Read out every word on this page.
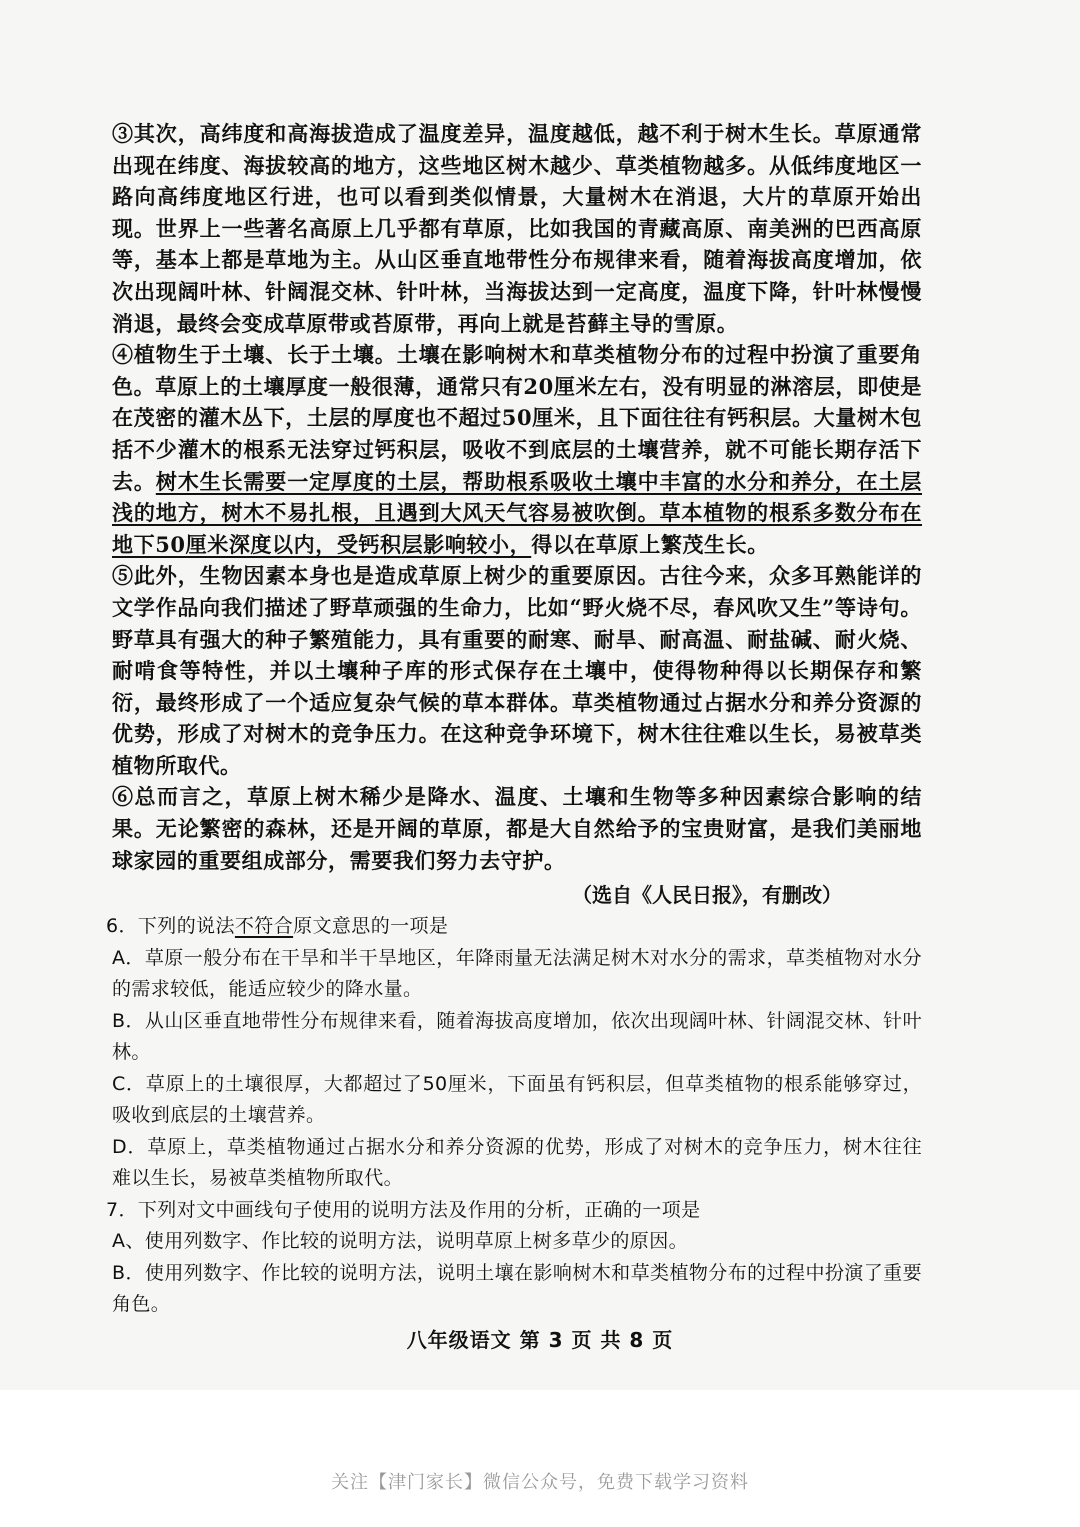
③其次，高纬度和高海拔造成了温度差异，温度越低，越不利于树木生长。草原通常出现在纬度、海拔较高的地方，这些地区树木越少、草类植物越多。从低纬度地区一路向高纬度地区行进，也可以看到类似情景，大量树木在消退，大片的草原开始出现。世界上一些著名高原上几乎都有草原，比如我国的青藏高原、南美洲的巴西高原等，基本上都是草地为主。从山区垂直地带性分布规律来看，随着海拔高度增加，依次出现阔叶林、针阔混交林、针叶林，当海拔达到一定高度，温度下降，针叶林慢慢消退，最终会变成草原带或苔原带，再向上就是苔藓主导的雪原。

④植物生于土壤、长于土壤。土壤在影响树木和草类植物分布的过程中扮演了重要角色。草原上的土壤厚度一般很薄，通常只有20厘米左右，没有明显的淋溶层，即使是在茂密的灌木丛下，土层的厚度也不超过50厘米，且下面往往有钙积层。大量树木包括不少灌木的根系无法穿过钙积层，吸收不到底层的土壤营养，就不可能长期存活下去。树木生长需要一定厚度的土层，帮助根系吸收土壤中丰富的水分和养分，在土层浅的地方，树木不易扎根，且遇到大风天气容易被吹倒。草本植物的根系多数分布在地下50厘米深度以内，受钙积层影响较小，得以在草原上繁茂生长。

⑤此外，生物因素本身也是造成草原上树少的重要原因。古往今来，众多耳熟能详的文学作品向我们描述了野草顽强的生命力，比如“野火烧不尽，春风吹又生”等诗句。野草具有强大的种子繁殖能力，具有重要的耐寒、耐旱、耐高温、耐盐碱、耐火烧、耐啃食等特性，并以土壤种子库的形式保存在土壤中，使得物种得以长期保存和繁衍，最终形成了一个适应复杂气候的草本群体。草类植物通过占据水分和养分资源的优势，形成了对树木的竞争压力。在这种竞争环境下，树木往往难以生长，易被草类植物所取代。

⑥总而言之，草原上树木稀少是降水、温度、土壤和生物等多种因素综合影响的结果。无论繁密的森林，还是开阔的草原，都是大自然给予的宝贵财富，是我们美丽地球家园的重要组成部分，需要我们努力去守护。

（选自《人民日报》，有删改）

6．下列的说法不符合原文意思的一项是

A．草原一般分布在干旱和半干旱地区，年降雨量无法满足树木对水分的需求，草类植物对水分的需求较低，能适应较少的降水量。

B．从山区垂直地带性分布规律来看，随着海拔高度增加，依次出现阔叶林、针阔混交林、针叶林。

C．草原上的土壤很厚，大都超过了50厘米，下面虽有钙积层，但草类植物的根系能够穿过，吸收到底层的土壤营养。

D．草原上，草类植物通过占据水分和养分资源的优势，形成了对树木的竞争压力，树木往往难以生长，易被草类植物所取代。

7．下列对文中画线句子使用的说明方法及作用的分析，正确的一项是

A、使用列数字、作比较的说明方法，说明草原上树多草少的原因。

B．使用列数字、作比较的说明方法，说明土壤在影响树木和草类植物分布的过程中扮演了重要角色。

八年级语文 第 3 页 共 8 页
关注【津门家长】微信公众号，免费下载学习资料
